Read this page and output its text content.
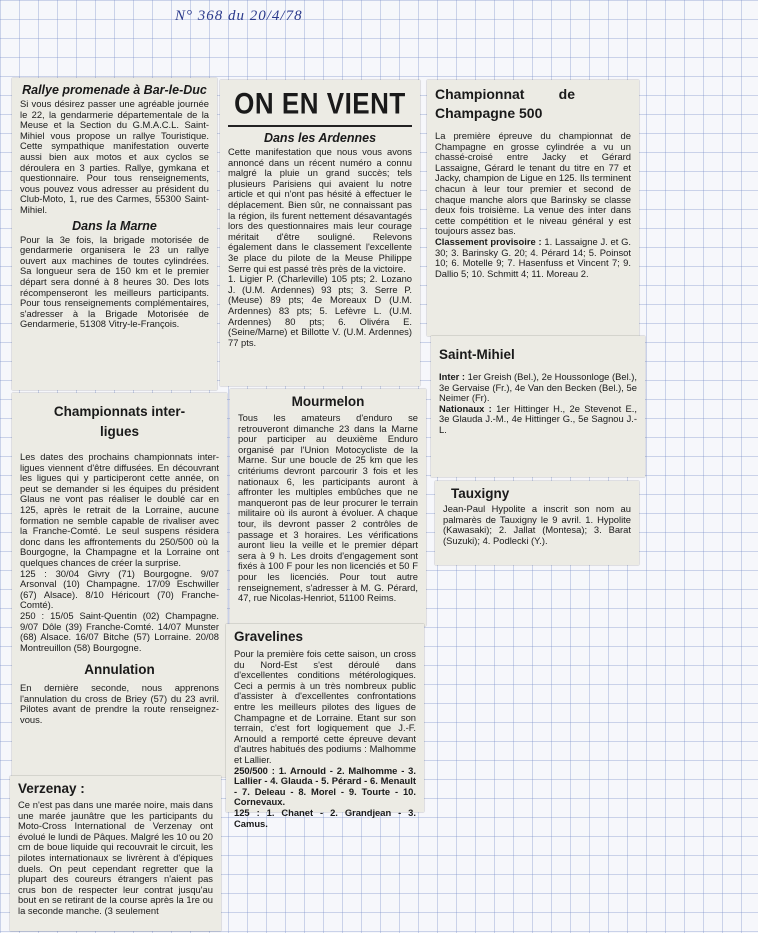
N° 368 du 20/4/78
Rallye promenade à Bar-le-Duc

Si vous désirez passer une agréable journée le 22, la gendarmerie départementale de la Meuse et la Section du G.M.A.C.L. Saint-Mihiel vous propose un rallye Touristique. Cette sympathique manifestation ouverte aussi bien aux motos et aux cyclos se déroulera en 3 parties. Rallye, gymkana et questionnaire. Pour tous renseignements, vous pouvez vous adresser au président du Club-Moto, 1, rue des Carmes, 55300 Saint-Mihiel.

Dans la Marne

Pour la 3e fois, la brigade motorisée de gendarmerie organisera le 23 un rallye ouvert aux machines de toutes cylindrées. Sa longueur sera de 150 km et le premier départ sera donné à 8 heures 30. Des lots récompenseront les meilleurs participants. Pour tous renseignements complémentaires, s'adresser à la Brigade Motorisée de Gendarmerie, 51308 Vitry-le-François.

ON EN VIENT
Dans les Ardennes

Cette manifestation que nous vous avons annoncé dans un récent numéro a connu malgré la pluie un grand succès; tels plusieurs Parisiens qui avaient lu notre article et qui n'ont pas hésité à effectuer le déplacement. Bien sûr, ne connaissant pas la région, ils furent nettement désavantagés lors des questionnaires mais leur courage méritait d'être souligné. Relevons également dans le classement l'excellente 3e place du pilote de la Meuse Philippe Serre qui est passé très près de la victoire.

1. Ligier P. (Charleville) 105 pts; 2. Lozano J. (U.M. Ardennes) 93 pts; 3. Serre P. (Meuse) 89 pts; 4e Moreaux D (U.M. Ardennes) 83 pts; 5. Lefèvre L. (U.M. Ardennes) 80 pts; 6. Olivéra E. (Seine/Marne) et Billotte V. (U.M. Ardennes) 77 pts.

Championnat de Champagne 500

La première épreuve du championnat de Champagne en grosse cylindrée a vu un chassé-croisé entre Jacky et Gérard Lassaigne, Gérard le tenant du titre en 77 et Jacky, champion de Ligue en 125. Ils terminent chacun à leur tour premier et second de chaque manche alors que Barinsky se classe deux fois troisième. La venue des inter dans cette compétition et le niveau général y est toujours assez bas.

Classement provisoire : 1. Lassaigne J. et G. 30; 3. Barinsky G. 20; 4. Pérard 14; 5. Poinsot 10; 6. Motelle 9; 7. Hasenfuss et Vincent 7; 9. Dallio 5; 10. Schmitt 4; 11. Moreau 2.

Saint-Mihiel

Inter : 1er Greish (Bel.), 2e Houssonloge (Bel.), 3e Gervaise (Fr.), 4e Van den Becken (Bel.), 5e Neimer (Fr).

Nationaux : 1er Hittinger H., 2e Stevenot E., 3e Glauda J.-M., 4e Hittinger G., 5e Sagnou J.-L.

Tauxigny

Jean-Paul Hypolite a inscrit son nom au palmarès de Tauxigny le 9 avril. 1. Hypolite (Kawasaki); 2. Jallat (Montesa); 3. Barat (Suzuki); 4. Podlecki (Y.).

Championnats inter-ligues

Les dates des prochains championnats inter-ligues viennent d'être diffusées. En découvrant les ligues qui y participeront cette année, on peut se demander si les équipes du président Glaus ne vont pas réaliser le doublé car en 125, après le retrait de la Lorraine, aucune formation ne semble capable de rivaliser avec la Franche-Comté. Le seul suspens résidera donc dans les affrontements du 250/500 où la Bourgogne, la Champagne et la Lorraine ont quelques chances de créer la surprise.

125 : 30/04 Givry (71) Bourgogne. 9/07 Arsonval (10) Champagne. 17/09 Eschwiller (67) Alsace). 8/10 Héricourt (70) Franche-Comté).

250 : 15/05 Saint-Quentin (02) Champagne. 9/07 Dôle (39) Franche-Comté. 14/07 Munster (68) Alsace. 16/07 Bitche (57) Lorraine. 20/08 Montreuillon (58) Bourgogne.

Annulation

En dernière seconde, nous apprenons l'annulation du cross de Briey (57) du 23 avril. Pilotes avant de prendre la route renseignez-vous.

Mourmelon

Tous les amateurs d'enduro se retrouveront dimanche 23 dans la Marne pour participer au deuxième Enduro organisé par l'Union Motocycliste de la Marne. Sur une boucle de 25 km que les critériums devront parcourir 3 fois et les nationaux 6, les participants auront à affronter les multiples embûches que ne manqueront pas de leur procurer le terrain militaire où ils auront à évoluer. A chaque tour, ils devront passer 2 contrôles de passage et 3 horaires. Les vérifications auront lieu la veille et le premier départ sera à 9 h. Les droits d'engagement sont fixés à 100 F pour les non licenciés et 50 F pour les licenciés. Pour tout autre renseignement, s'adresser à M. G. Pérard, 47, rue Nicolas-Henriot, 51100 Reims.

Gravelines

Pour la première fois cette saison, un cross du Nord-Est s'est déroulé dans d'excellentes conditions métérologiques. Ceci a permis à un très nombreux public d'assister à d'excellentes confrontations entre les meilleurs pilotes des ligues de Champagne et de Lorraine. Etant sur son terrain, c'est fort logiquement que J.-F. Arnould a remporté cette épreuve devant d'autres habitués des podiums : Malhomme et Lallier.

250/500 : 1. Arnould - 2. Malhomme - 3. Lallier - 4. Glauda - 5. Pérard - 6. Menault - 7. Deleau - 8. Morel - 9. Tourte - 10. Cornevaux.

125 : 1. Chanet - 2. Grandjean - 3. Camus.

Verzenay :

Ce n'est pas dans une marée noire, mais dans une marée jaunâtre que les participants du Moto-Cross International de Verzenay ont évolué le lundi de Pâques. Malgré les 10 ou 20 cm de boue liquide qui recouvrait le circuit, les pilotes internationaux se livrèrent à d'épiques duels. On peut cependant regretter que la plupart des coureurs étrangers n'aient pas crus bon de respecter leur contrat jusqu'au bout en se retirant de la course après la 1re ou la seconde manche. (3 seulement
